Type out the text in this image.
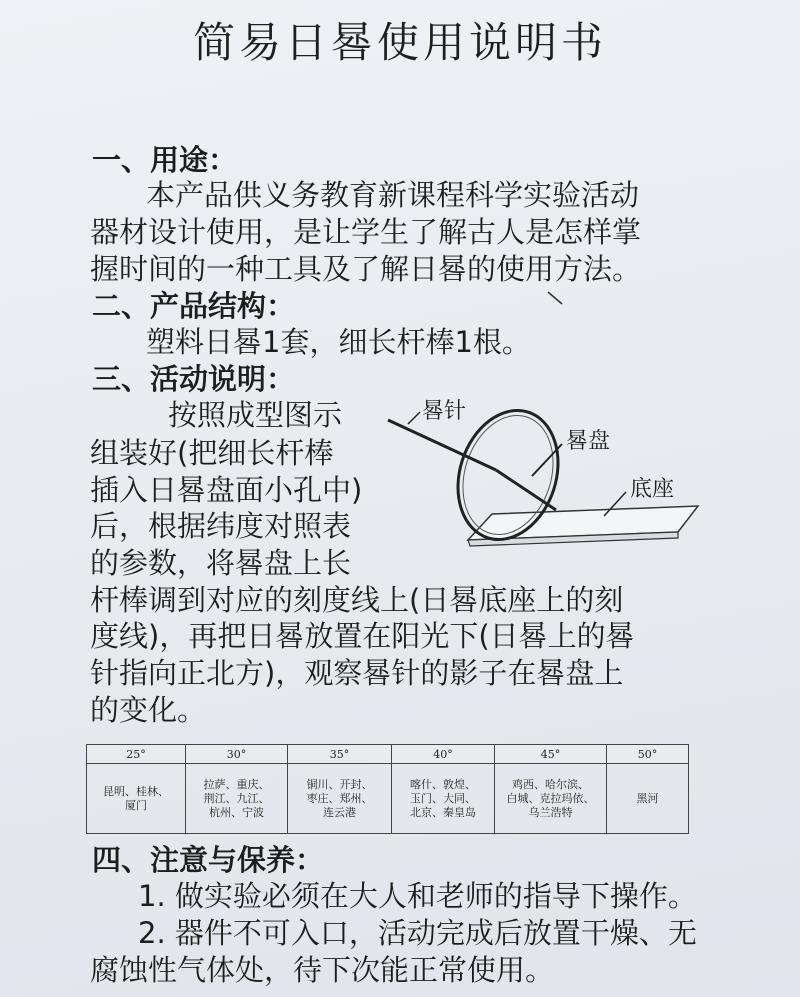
简易日晷使用说明书
一、用途：
本产品供义务教育新课程科学实验活动
器材设计使用，是让学生了解古人是怎样掌
握时间的一种工具及了解日晷的使用方法。
二、产品结构：
塑料日晷1套，细长杆棒1根。
三、活动说明：
按照成型图示
组装好(把细长杆棒
插入日晷盘面小孔中)
后，根据纬度对照表
的参数，将晷盘上长
杆棒调到对应的刻度线上(日晷底座上的刻
度线)，再把日晷放置在阳光下(日晷上的晷
针指向正北方)，观察晷针的影子在晷盘上
的变化。
晷针
晷盘
底座
25°	30°	35°	40°	45°	50°
昆明、桂林、
厦门	拉萨、重庆、
荆江、九江、
杭州、宁波	铜川、开封、
枣庄、郑州、
连云港	喀什、敦煌、
玉门、大同、
北京、秦皇岛	鸡西、哈尔滨、
白城、克拉玛依、
乌兰浩特	黑河
四、注意与保养：
1. 做实验必须在大人和老师的指导下操作。
2. 器件不可入口，活动完成后放置干燥、无
腐蚀性气体处，待下次能正常使用。
